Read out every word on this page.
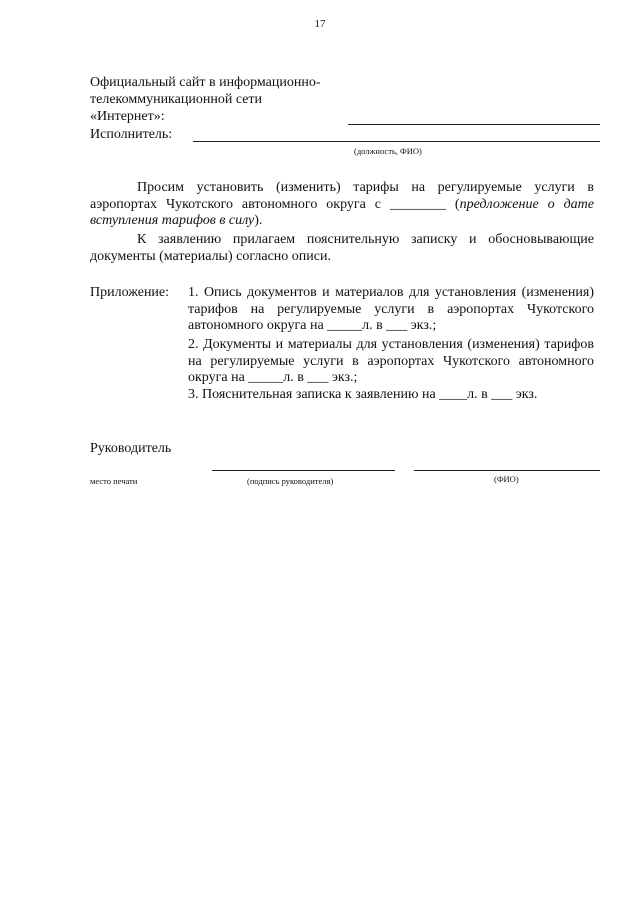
17
Официальный сайт в информационно-
телекоммуникационной сети
«Интернет»:
Исполнитель:
(должность, ФИО)
Просим установить (изменить) тарифы на регулируемые услуги в аэропортах Чукотского автономного округа с ________ (предложение о дате вступления тарифов в силу).
К заявлению прилагаем пояснительную записку и обосновывающие документы (материалы) согласно описи.
Приложение: 1. Опись документов и материалов для установления (изменения) тарифов на регулируемые услуги в аэропортах Чукотского автономного округа на _____л. в ___ экз.;
2. Документы и материалы для установления (изменения) тарифов на регулируемые услуги в аэропортах Чукотского автономного округа на _____л. в ___ экз.;
3. Пояснительная записка к заявлению на ____л. в ___ экз.
Руководитель
место печати	(подпись руководителя)	(ФИО)
